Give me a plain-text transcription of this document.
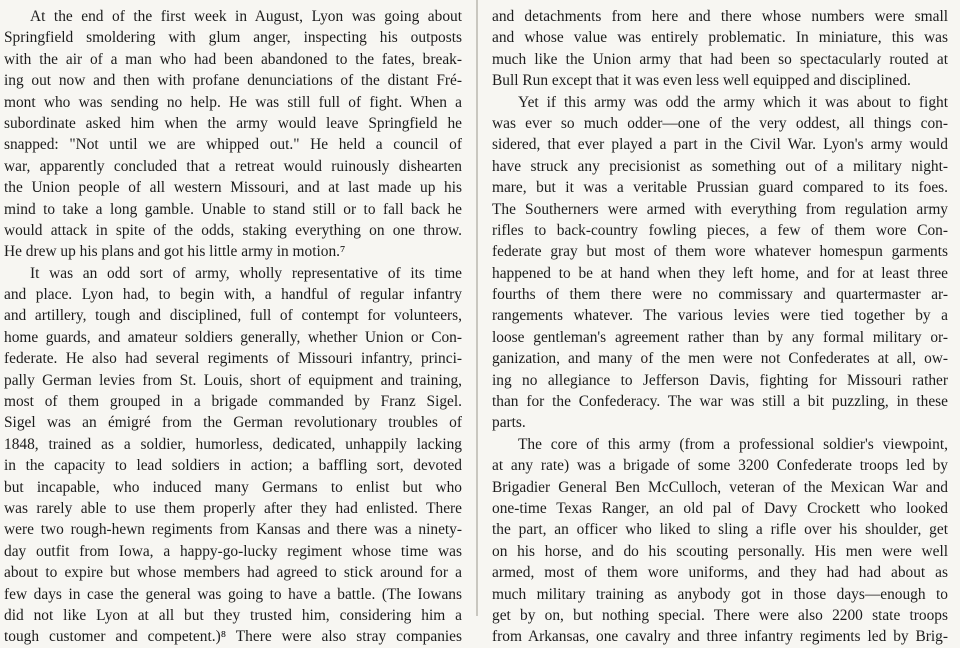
At the end of the first week in August, Lyon was going about
Springfield smoldering with glum anger, inspecting his outposts
with the air of a man who had been abandoned to the fates, break-
ing out now and then with profane denunciations of the distant Fré-
mont who was sending no help. He was still full of fight. When a
subordinate asked him when the army would leave Springfield he
snapped: "Not until we are whipped out." He held a council of
war, apparently concluded that a retreat would ruinously dishearten
the Union people of all western Missouri, and at last made up his
mind to take a long gamble. Unable to stand still or to fall back he
would attack in spite of the odds, staking everything on one throw.
He drew up his plans and got his little army in motion.⁷
It was an odd sort of army, wholly representative of its time
and place. Lyon had, to begin with, a handful of regular infantry
and artillery, tough and disciplined, full of contempt for volunteers,
home guards, and amateur soldiers generally, whether Union or Con-
federate. He also had several regiments of Missouri infantry, princi-
pally German levies from St. Louis, short of equipment and training,
most of them grouped in a brigade commanded by Franz Sigel.
Sigel was an émigré from the German revolutionary troubles of
1848, trained as a soldier, humorless, dedicated, unhappily lacking
in the capacity to lead soldiers in action; a baffling sort, devoted
but incapable, who induced many Germans to enlist but who
was rarely able to use them properly after they had enlisted. There
were two rough-hewn regiments from Kansas and there was a ninety-
day outfit from Iowa, a happy-go-lucky regiment whose time was
about to expire but whose members had agreed to stick around for a
few days in case the general was going to have a battle. (The Iowans
did not like Lyon at all but they trusted him, considering him a
tough customer and competent.)⁸ There were also stray companies
and detachments from here and there whose numbers were small
and whose value was entirely problematic. In miniature, this was
much like the Union army that had been so spectacularly routed at
Bull Run except that it was even less well equipped and disciplined.
Yet if this army was odd the army which it was about to fight
was ever so much odder—one of the very oddest, all things con-
sidered, that ever played a part in the Civil War. Lyon's army would
have struck any precisionist as something out of a military night-
mare, but it was a veritable Prussian guard compared to its foes.
The Southerners were armed with everything from regulation army
rifles to back-country fowling pieces, a few of them wore Con-
federate gray but most of them wore whatever homespun garments
happened to be at hand when they left home, and for at least three
fourths of them there were no commissary and quartermaster ar-
rangements whatever. The various levies were tied together by a
loose gentleman's agreement rather than by any formal military or-
ganization, and many of the men were not Confederates at all, ow-
ing no allegiance to Jefferson Davis, fighting for Missouri rather
than for the Confederacy. The war was still a bit puzzling, in these
parts.
The core of this army (from a professional soldier's viewpoint,
at any rate) was a brigade of some 3200 Confederate troops led by
Brigadier General Ben McCulloch, veteran of the Mexican War and
one-time Texas Ranger, an old pal of Davy Crockett who looked
the part, an officer who liked to sling a rifle over his shoulder, get
on his horse, and do his scouting personally. His men were well
armed, most of them wore uniforms, and they had had about as
much military training as anybody got in those days—enough to
get by on, but nothing special. There were also 2200 state troops
from Arkansas, one cavalry and three infantry regiments led by Brig-
